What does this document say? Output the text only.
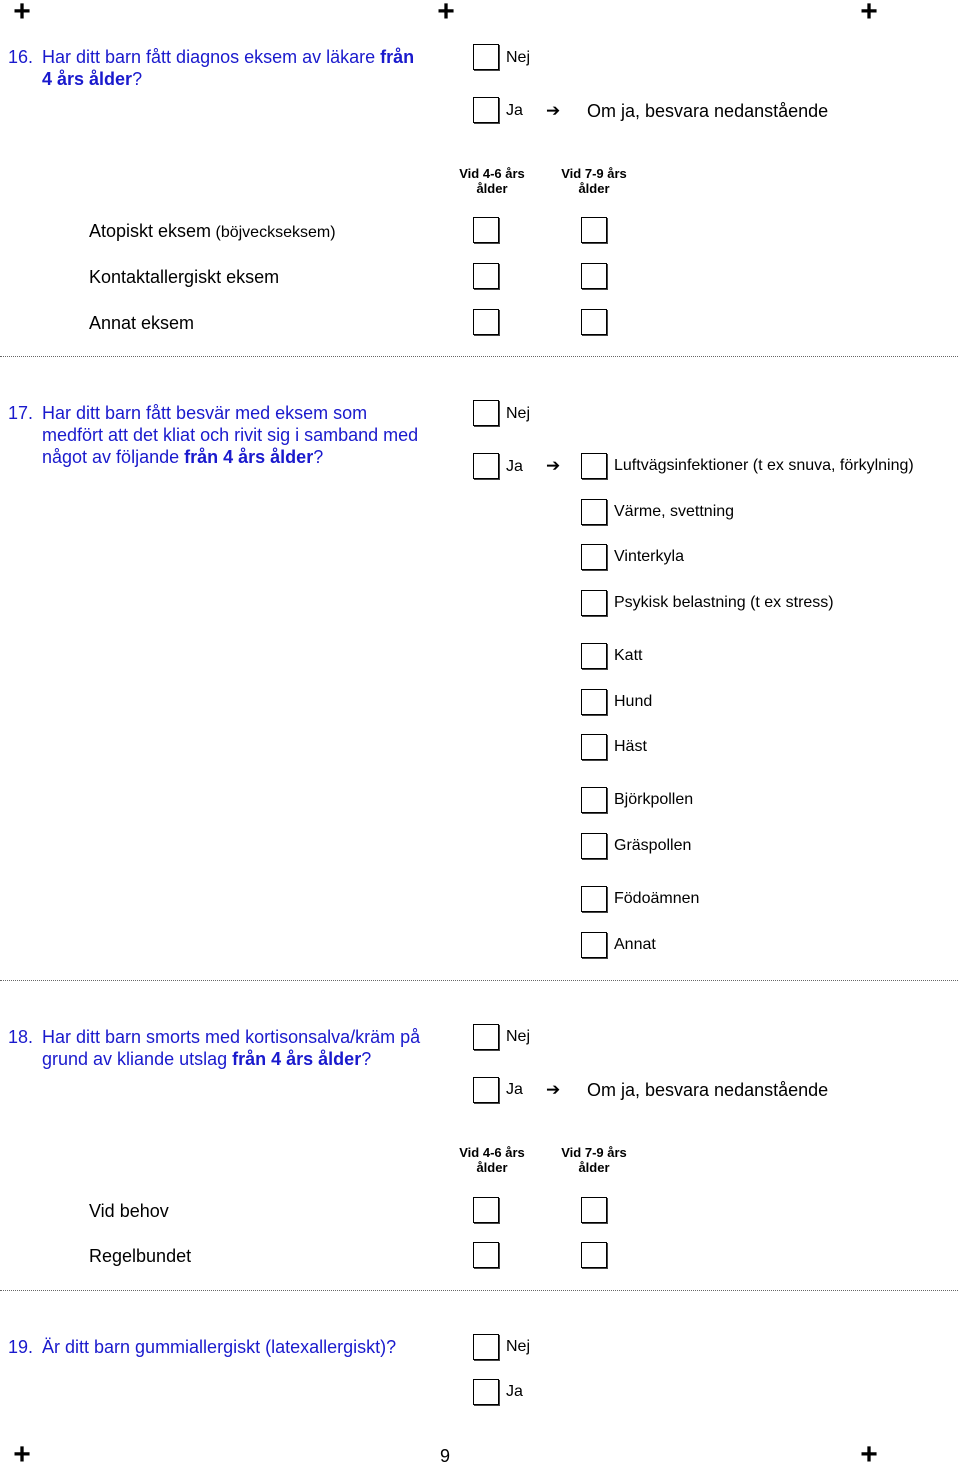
+	+	+
+	+
16. Har ditt barn fått diagnos eksem av läkare från
4 års ålder?
Nej
Ja ➔ Om ja, besvara nedanstående
Vid 4-6 års
ålder
Vid 7-9 års
ålder
Atopiskt eksem (böjveckseksem)
Kontaktallergiskt eksem
Annat eksem
17. Har ditt barn fått besvär med eksem som
medfört att det kliat och rivit sig i samband med
något av följande från 4 års ålder?
Nej
Ja ➔	Luftvägsinfektioner (t ex snuva, förkylning)
Värme, svettning
Vinterkyla
Psykisk belastning (t ex stress)
Katt
Hund
Häst
Björkpollen
Gräspollen
Födoämnen
Annat
18. Har ditt barn smorts med kortisonsalva/kräm på
grund av kliande utslag från 4 års ålder?
Nej
Ja ➔ Om ja, besvara nedanstående
Vid 4-6 års
ålder
Vid 7-9 års
ålder
Vid behov
Regelbundet
19. Är ditt barn gummiallergiskt (latexallergiskt)?	Nej
Ja
9
